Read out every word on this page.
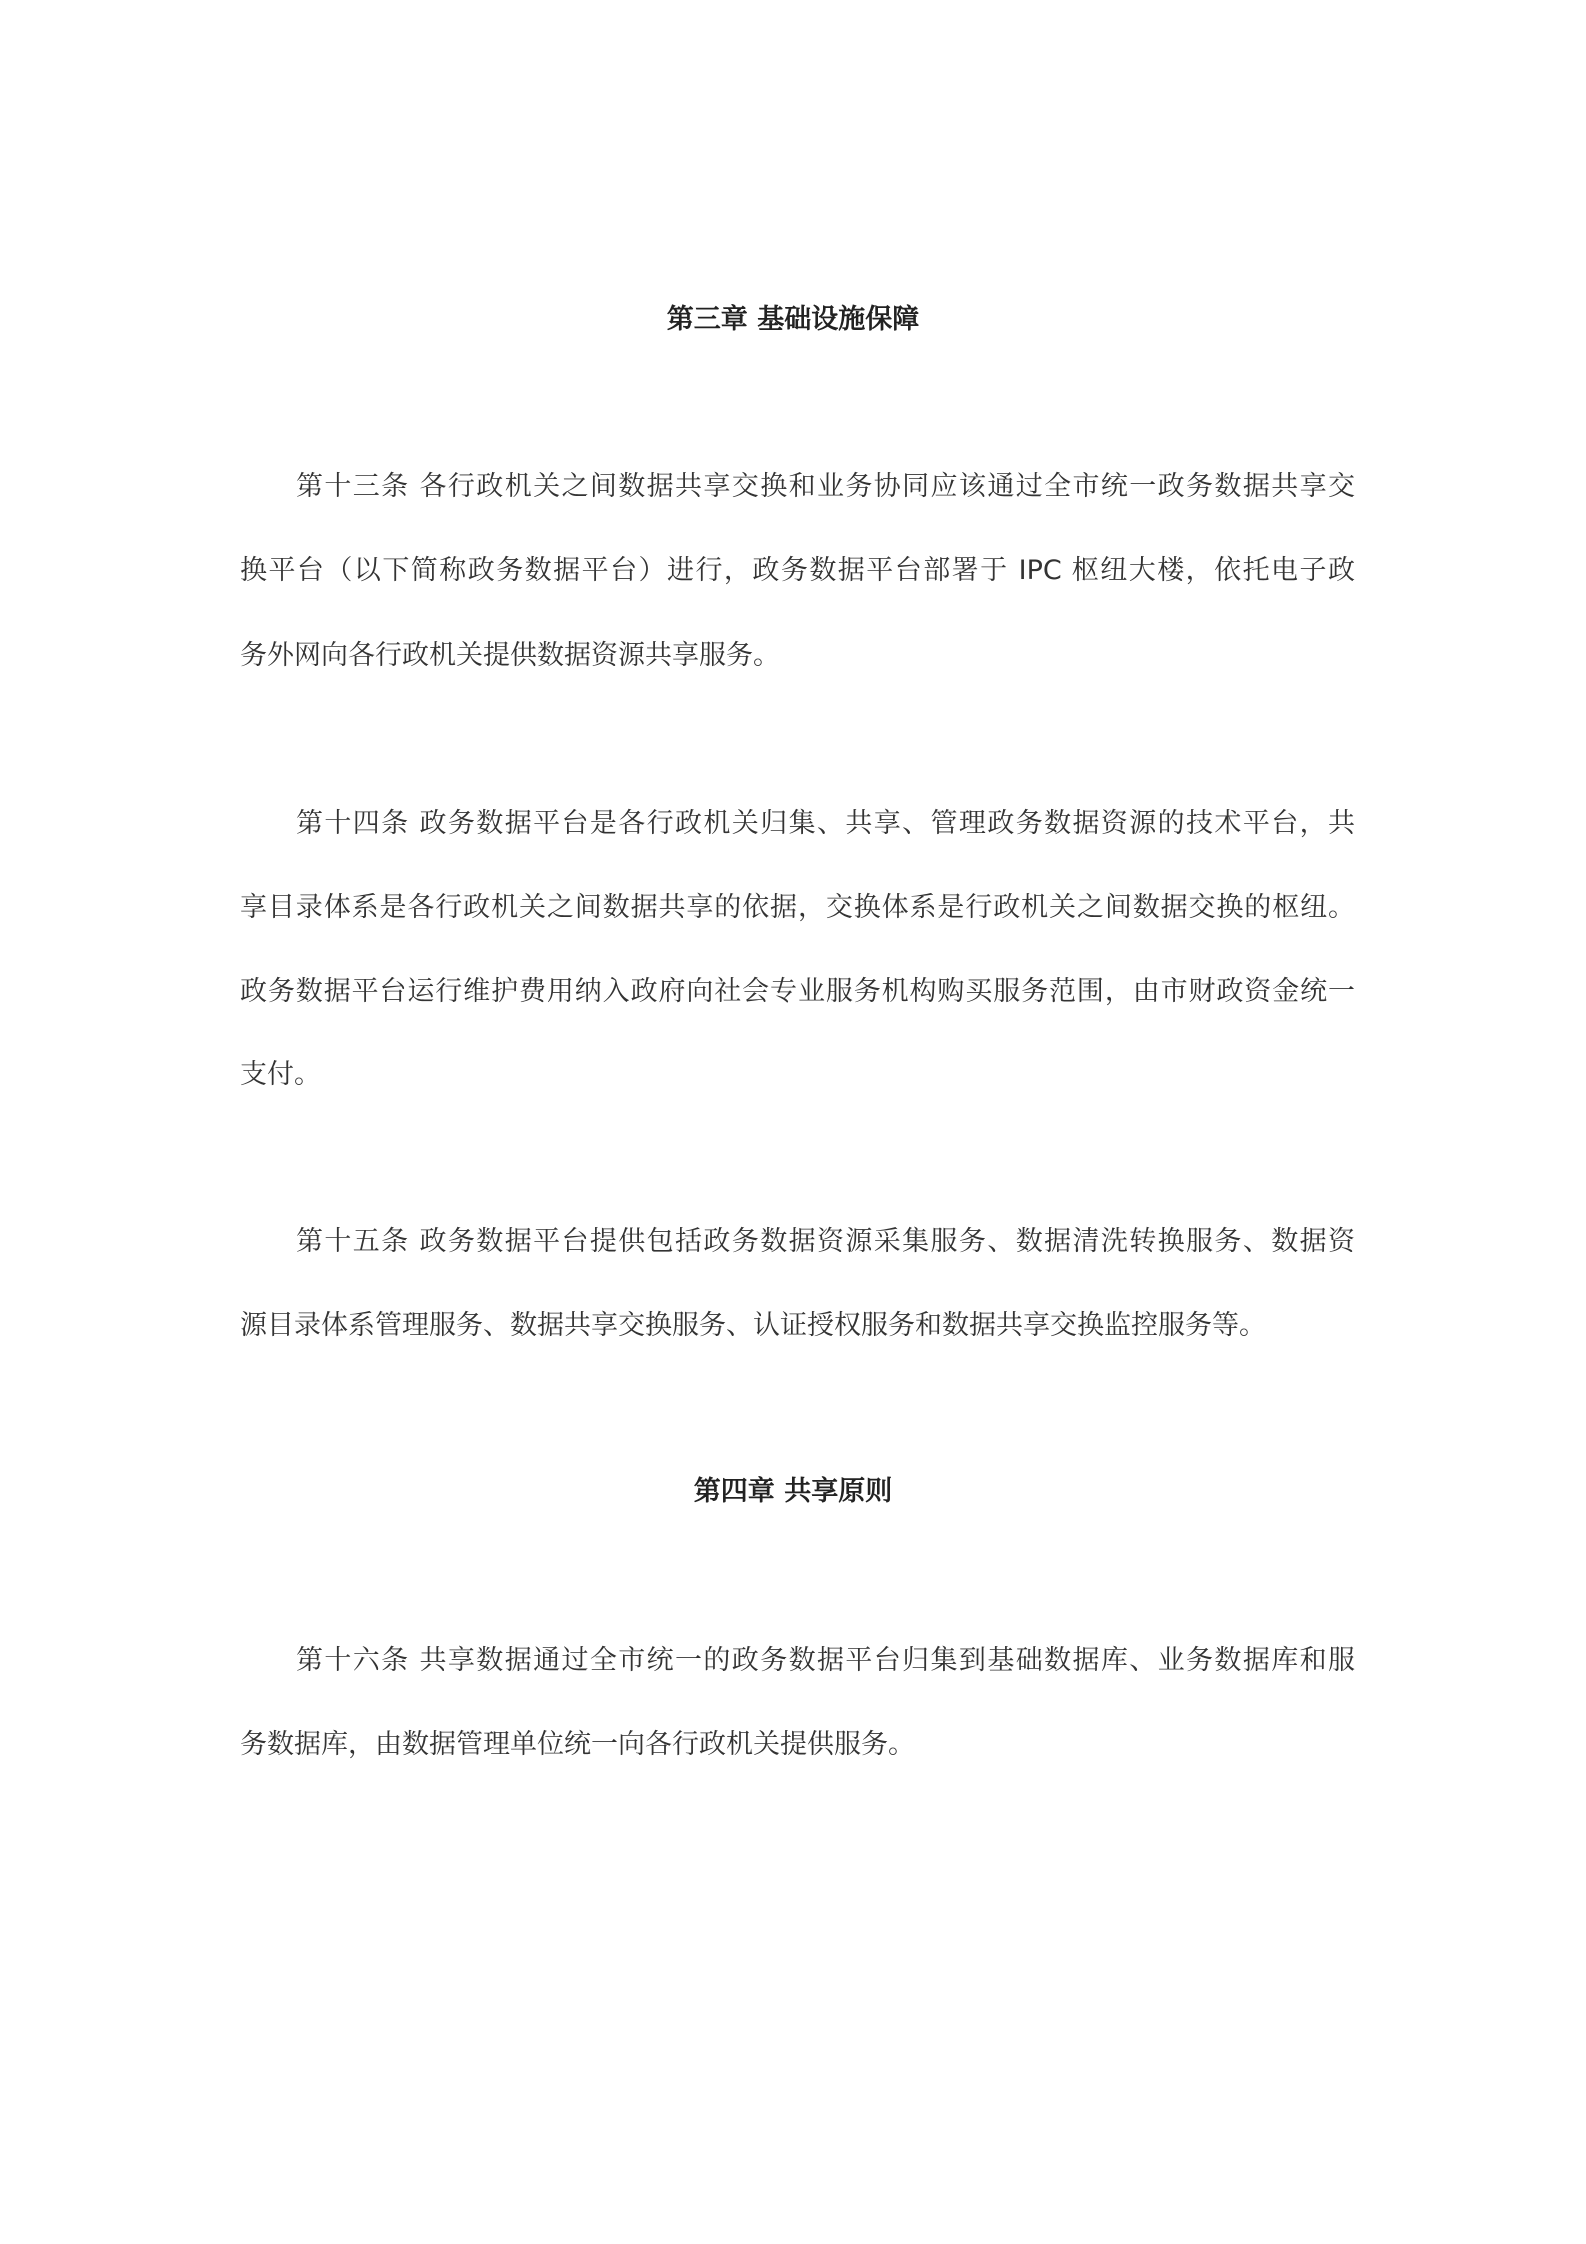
第三章 基础设施保障
第十三条 各行政机关之间数据共享交换和业务协同应该通过全市统一政务数据共享交
换平台（以下简称政务数据平台）进行，政务数据平台部署于 IPC 枢纽大楼，依托电子政
务外网向各行政机关提供数据资源共享服务。
第十四条 政务数据平台是各行政机关归集、共享、管理政务数据资源的技术平台，共
享目录体系是各行政机关之间数据共享的依据，交换体系是行政机关之间数据交换的枢纽。
政务数据平台运行维护费用纳入政府向社会专业服务机构购买服务范围，由市财政资金统一
支付。
第十五条 政务数据平台提供包括政务数据资源采集服务、数据清洗转换服务、数据资
源目录体系管理服务、数据共享交换服务、认证授权服务和数据共享交换监控服务等。
第四章 共享原则
第十六条 共享数据通过全市统一的政务数据平台归集到基础数据库、业务数据库和服
务数据库，由数据管理单位统一向各行政机关提供服务。
